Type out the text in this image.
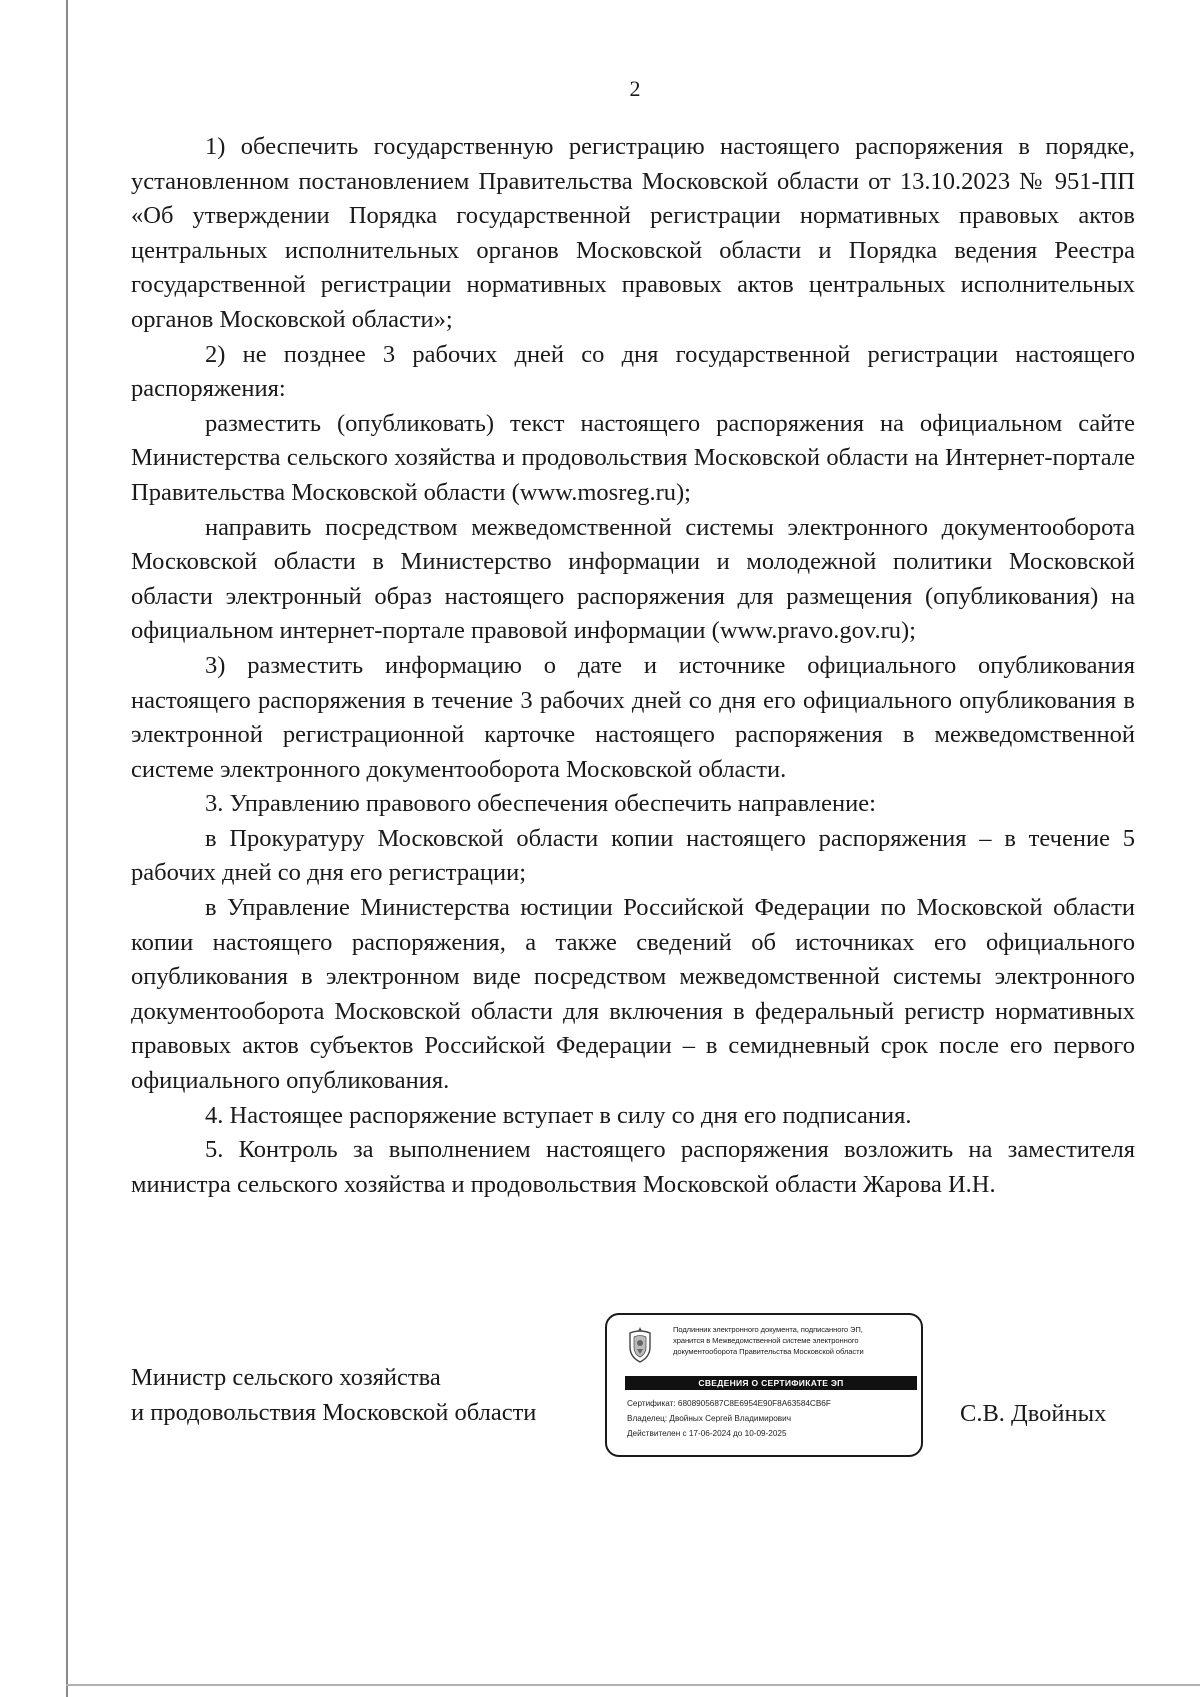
2

1) обеспечить государственную регистрацию настоящего распоряжения в порядке, установленном постановлением Правительства Московской области от 13.10.2023 № 951-ПП «Об утверждении Порядка государственной регистрации нормативных правовых актов центральных исполнительных органов Московской области и Порядка ведения Реестра государственной регистрации нормативных правовых актов центральных исполнительных органов Московской области»;

2) не позднее 3 рабочих дней со дня государственной регистрации настоящего распоряжения:

разместить (опубликовать) текст настоящего распоряжения на официальном сайте Министерства сельского хозяйства и продовольствия Московской области на Интернет-портале Правительства Московской области (www.mosreg.ru);

направить посредством межведомственной системы электронного документооборота Московской области в Министерство информации и молодежной политики Московской области электронный образ настоящего распоряжения для размещения (опубликования) на официальном интернет-портале правовой информации (www.pravo.gov.ru);

3) разместить информацию о дате и источнике официального опубликования настоящего распоряжения в течение 3 рабочих дней со дня его официального опубликования в электронной регистрационной карточке настоящего распоряжения в межведомственной системе электронного документооборота Московской области.

3. Управлению правового обеспечения обеспечить направление:

в Прокуратуру Московской области копии настоящего распоряжения – в течение 5 рабочих дней со дня его регистрации;

в Управление Министерства юстиции Российской Федерации по Московской области копии настоящего распоряжения, а также сведений об источниках его официального опубликования в электронном виде посредством межведомственной системы электронного документооборота Московской области для включения в федеральный регистр нормативных правовых актов субъектов Российской Федерации – в семидневный срок после его первого официального опубликования.

4. Настоящее распоряжение вступает в силу со дня его подписания.

5. Контроль за выполнением настоящего распоряжения возложить на заместителя министра сельского хозяйства и продовольствия Московской области Жарова И.Н.

Министр сельского хозяйства
и продовольствия Московской области	С.В. Двойных
Подлинник электронного документа, подписанного ЭП,
хранится в Межведомственной системе электронного
документооборота Правительства Московской области
СВЕДЕНИЯ О СЕРТИФИКАТЕ ЭП
Сертификат: 6808905687C8E6954E90F8A63584CB6F
Владелец: Двойных Сергей Владимирович
Действителен с 17-06-2024 до 10-09-2025
